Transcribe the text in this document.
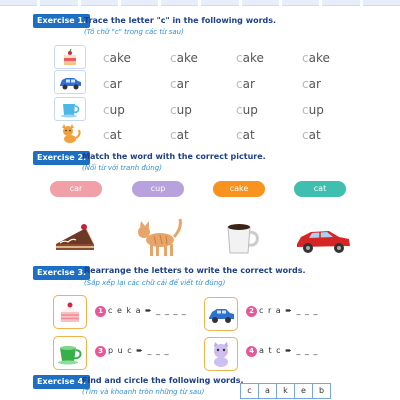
Exercise 1.
Trace the letter "c" in the following words.
(Tô chữ "c" trong các từ sau)
cake	cake	cake	cake
car	car	car	car
cup	cup	cup	cup
cat	cat	cat	cat
Exercise 2.
Match the word with the correct picture.
(Nối từ với tranh đúng)
car	cup	cake	cat
Exercise 3.
Rearrange the letters to write the correct words.
(Sắp xếp lại các chữ cái để viết từ đúng)
1 c e k a ➨ _ _ _ _	2 c r a ➨ _ _ _
3 p u c ➨ _ _ _	4 a t c ➨ _ _ _
Exercise 4.
Find and circle the following words.
(Tìm và khoanh tròn những từ sau)	c	a	k	e	b
